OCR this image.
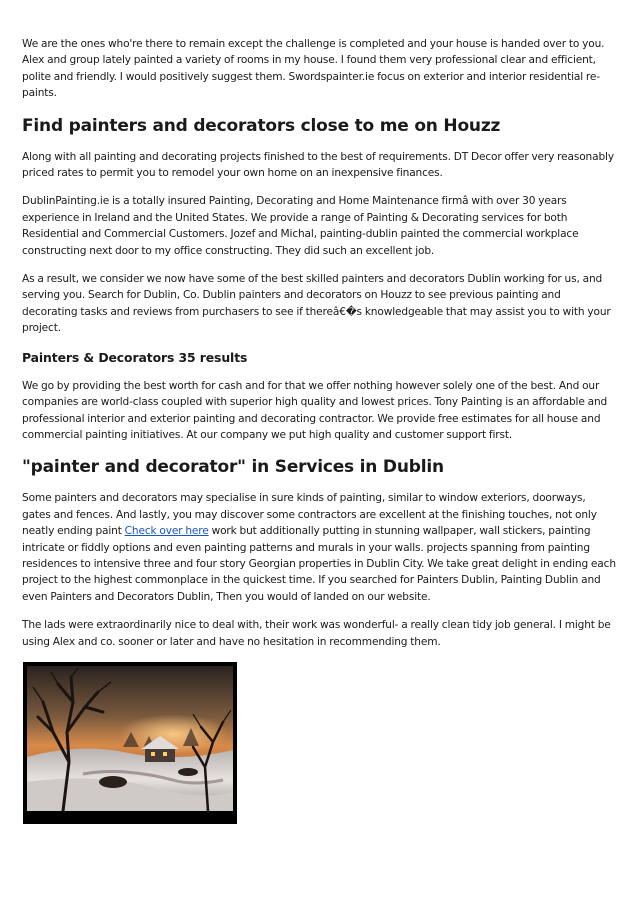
We are the ones who're there to remain except the challenge is completed and your house is handed over to you. Alex and group lately painted a variety of rooms in my house. I found them very professional clear and efficient, polite and friendly. I would positively suggest them. Swordspainter.ie focus on exterior and interior residential re-paints.

Find painters and decorators close to me on Houzz

Along with all painting and decorating projects finished to the best of requirements. DT Decor offer very reasonably priced rates to permit you to remodel your own home on an inexpensive finances.

DublinPainting.ie is a totally insured Painting, Decorating and Home Maintenance firmâ with over 30 years experience in Ireland and the United States. We provide a range of Painting & Decorating services for both Residential and Commercial Customers. Jozef and Michal, painting-dublin painted the commercial workplace constructing next door to my office constructing. They did such an excellent job.

As a result, we consider we now have some of the best skilled painters and decorators Dublin working for us, and serving you. Search for Dublin, Co. Dublin painters and decorators on Houzz to see previous painting and decorating tasks and reviews from purchasers to see if thereâ€�s knowledgeable that may assist you to with your project.

Painters & Decorators 35 results

We go by providing the best worth for cash and for that we offer nothing however solely one of the best. And our companies are world-class coupled with superior high quality and lowest prices. Tony Painting is an affordable and professional interior and exterior painting and decorating contractor. We provide free estimates for all house and commercial painting initiatives. At our company we put high quality and customer support first.

"painter and decorator" in Services in Dublin

Some painters and decorators may specialise in sure kinds of painting, similar to window exteriors, doorways, gates and fences. And lastly, you may discover some contractors are excellent at the finishing touches, not only neatly ending paint Check over here work but additionally putting in stunning wallpaper, wall stickers, painting intricate or fiddly options and even painting patterns and murals in your walls. projects spanning from painting residences to intensive three and four story Georgian properties in Dublin City. We take great delight in ending each project to the highest commonplace in the quickest time. If you searched for Painters Dublin, Painting Dublin and even Painters and Decorators Dublin, Then you would of landed on our website.

The lads were extraordinarily nice to deal with, their work was wonderful- a really clean tidy job general. I might be using Alex and co. sooner or later and have no hesitation in recommending them.
